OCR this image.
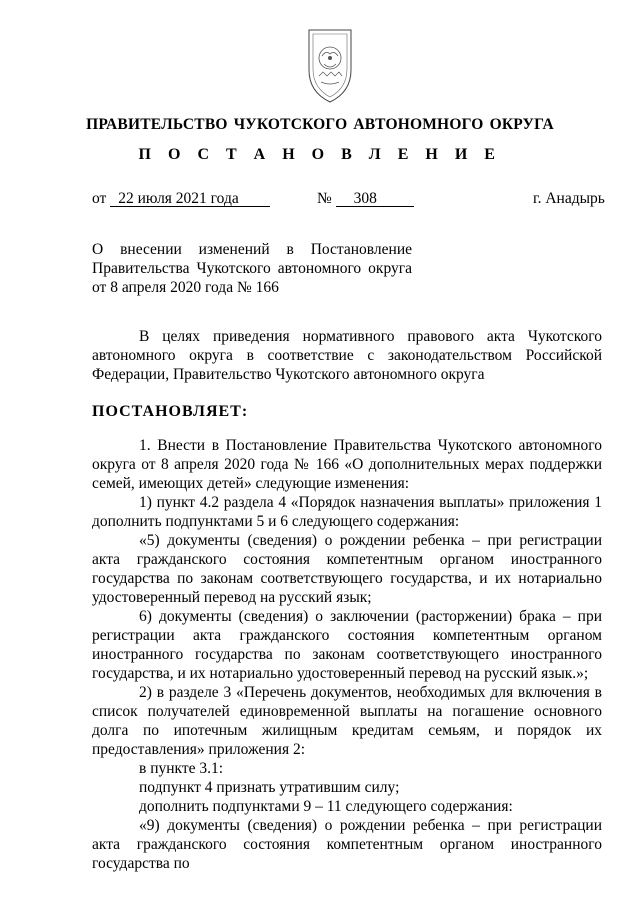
ПРАВИТЕЛЬСТВО ЧУКОТСКОГО АВТОНОМНОГО ОКРУГА
П О С Т А Н О В Л Е Н И Е
от 22 июля 2021 года	№ 308	г. Анадырь
О внесении изменений в Постановление
Правительства Чукотского автономного округа
от 8 апреля 2020 года № 166

В целях приведения нормативного правового акта Чукотского автономного округа в соответствие с законодательством Российской Федерации, Правительство Чукотского автономного округа

ПОСТАНОВЛЯЕТ:

1. Внести в Постановление Правительства Чукотского автономного округа от 8 апреля 2020 года № 166 «О дополнительных мерах поддержки семей, имеющих детей» следующие изменения:

1) пункт 4.2 раздела 4 «Порядок назначения выплаты» приложения 1 дополнить подпунктами 5 и 6 следующего содержания:

«5) документы (сведения) о рождении ребенка – при регистрации акта гражданского состояния компетентным органом иностранного государства по законам соответствующего государства, и их нотариально удостоверенный перевод на русский язык;

6) документы (сведения) о заключении (расторжении) брака – при регистрации акта гражданского состояния компетентным органом иностранного государства по законам соответствующего иностранного государства, и их нотариально удостоверенный перевод на русский язык.»;

2) в разделе 3 «Перечень документов, необходимых для включения в список получателей единовременной выплаты на погашение основного долга по ипотечным жилищным кредитам семьям, и порядок их предоставления» приложения 2:

в пункте 3.1:

подпункт 4 признать утратившим силу;

дополнить подпунктами 9 – 11 следующего содержания:

«9) документы (сведения) о рождении ребенка – при регистрации акта гражданского состояния компетентным органом иностранного государства по
